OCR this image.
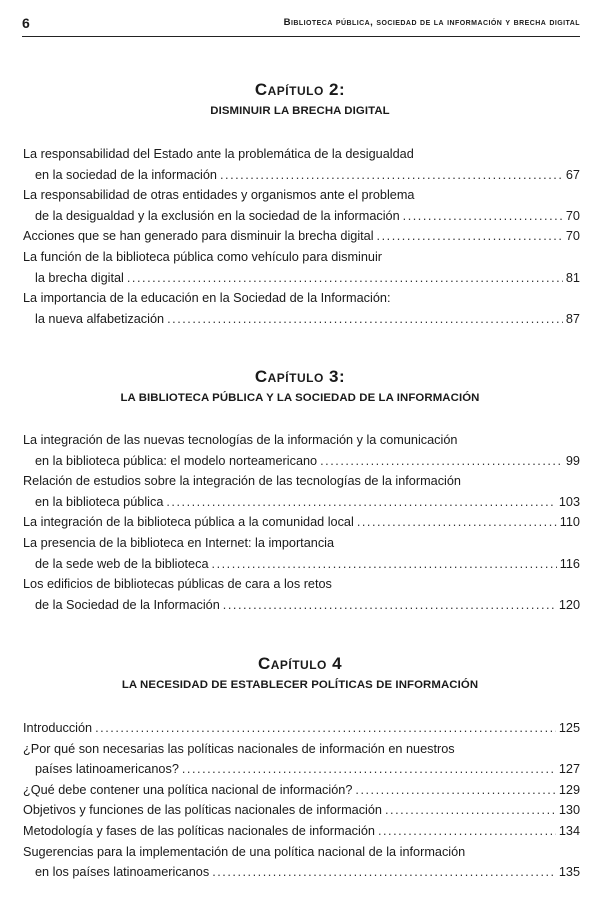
6	Biblioteca pública, sociedad de la información y brecha digital
Capítulo 2:
DISMINUIR LA BRECHA DIGITAL
La responsabilidad del Estado ante la problemática de la desigualdad
en la sociedad de la información . . .	67
La responsabilidad de otras entidades y organismos ante el problema
de la desigualdad y la exclusión en la sociedad de la información . . .	70
Acciones que se han generado para disminuir la brecha digital . . .	70
La función de la biblioteca pública como vehículo para disminuir
la brecha digital . . .	81
La importancia de la educación en la Sociedad de la Información:
la nueva alfabetización . . .	87
Capítulo 3:
LA BIBLIOTECA PÚBLICA Y LA SOCIEDAD DE LA INFORMACIÓN
La integración de las nuevas tecnologías de la información y la comunicación
en la biblioteca pública: el modelo norteamericano . . .	99
Relación de estudios sobre la integración de las tecnologías de la información
en la biblioteca pública . . .	103
La integración de la biblioteca pública a la comunidad local . . .	110
La presencia de la biblioteca en Internet: la importancia
de la sede web de la biblioteca . . .	116
Los edificios de bibliotecas públicas de cara a los retos
de la Sociedad de la Información . . .	120
Capítulo 4
LA NECESIDAD DE ESTABLECER POLÍTICAS DE INFORMACIÓN
Introducción . . .	125
¿Por qué son necesarias las políticas nacionales de información en nuestros
países latinoamericanos? . . .	127
¿Qué debe contener una política nacional de información? . . .	129
Objetivos y funciones de las políticas nacionales de información . . .	130
Metodología y fases de las políticas nacionales de información . . .	134
Sugerencias para la implementación de una política nacional de la información
en los países latinoamericanos . . .	135
